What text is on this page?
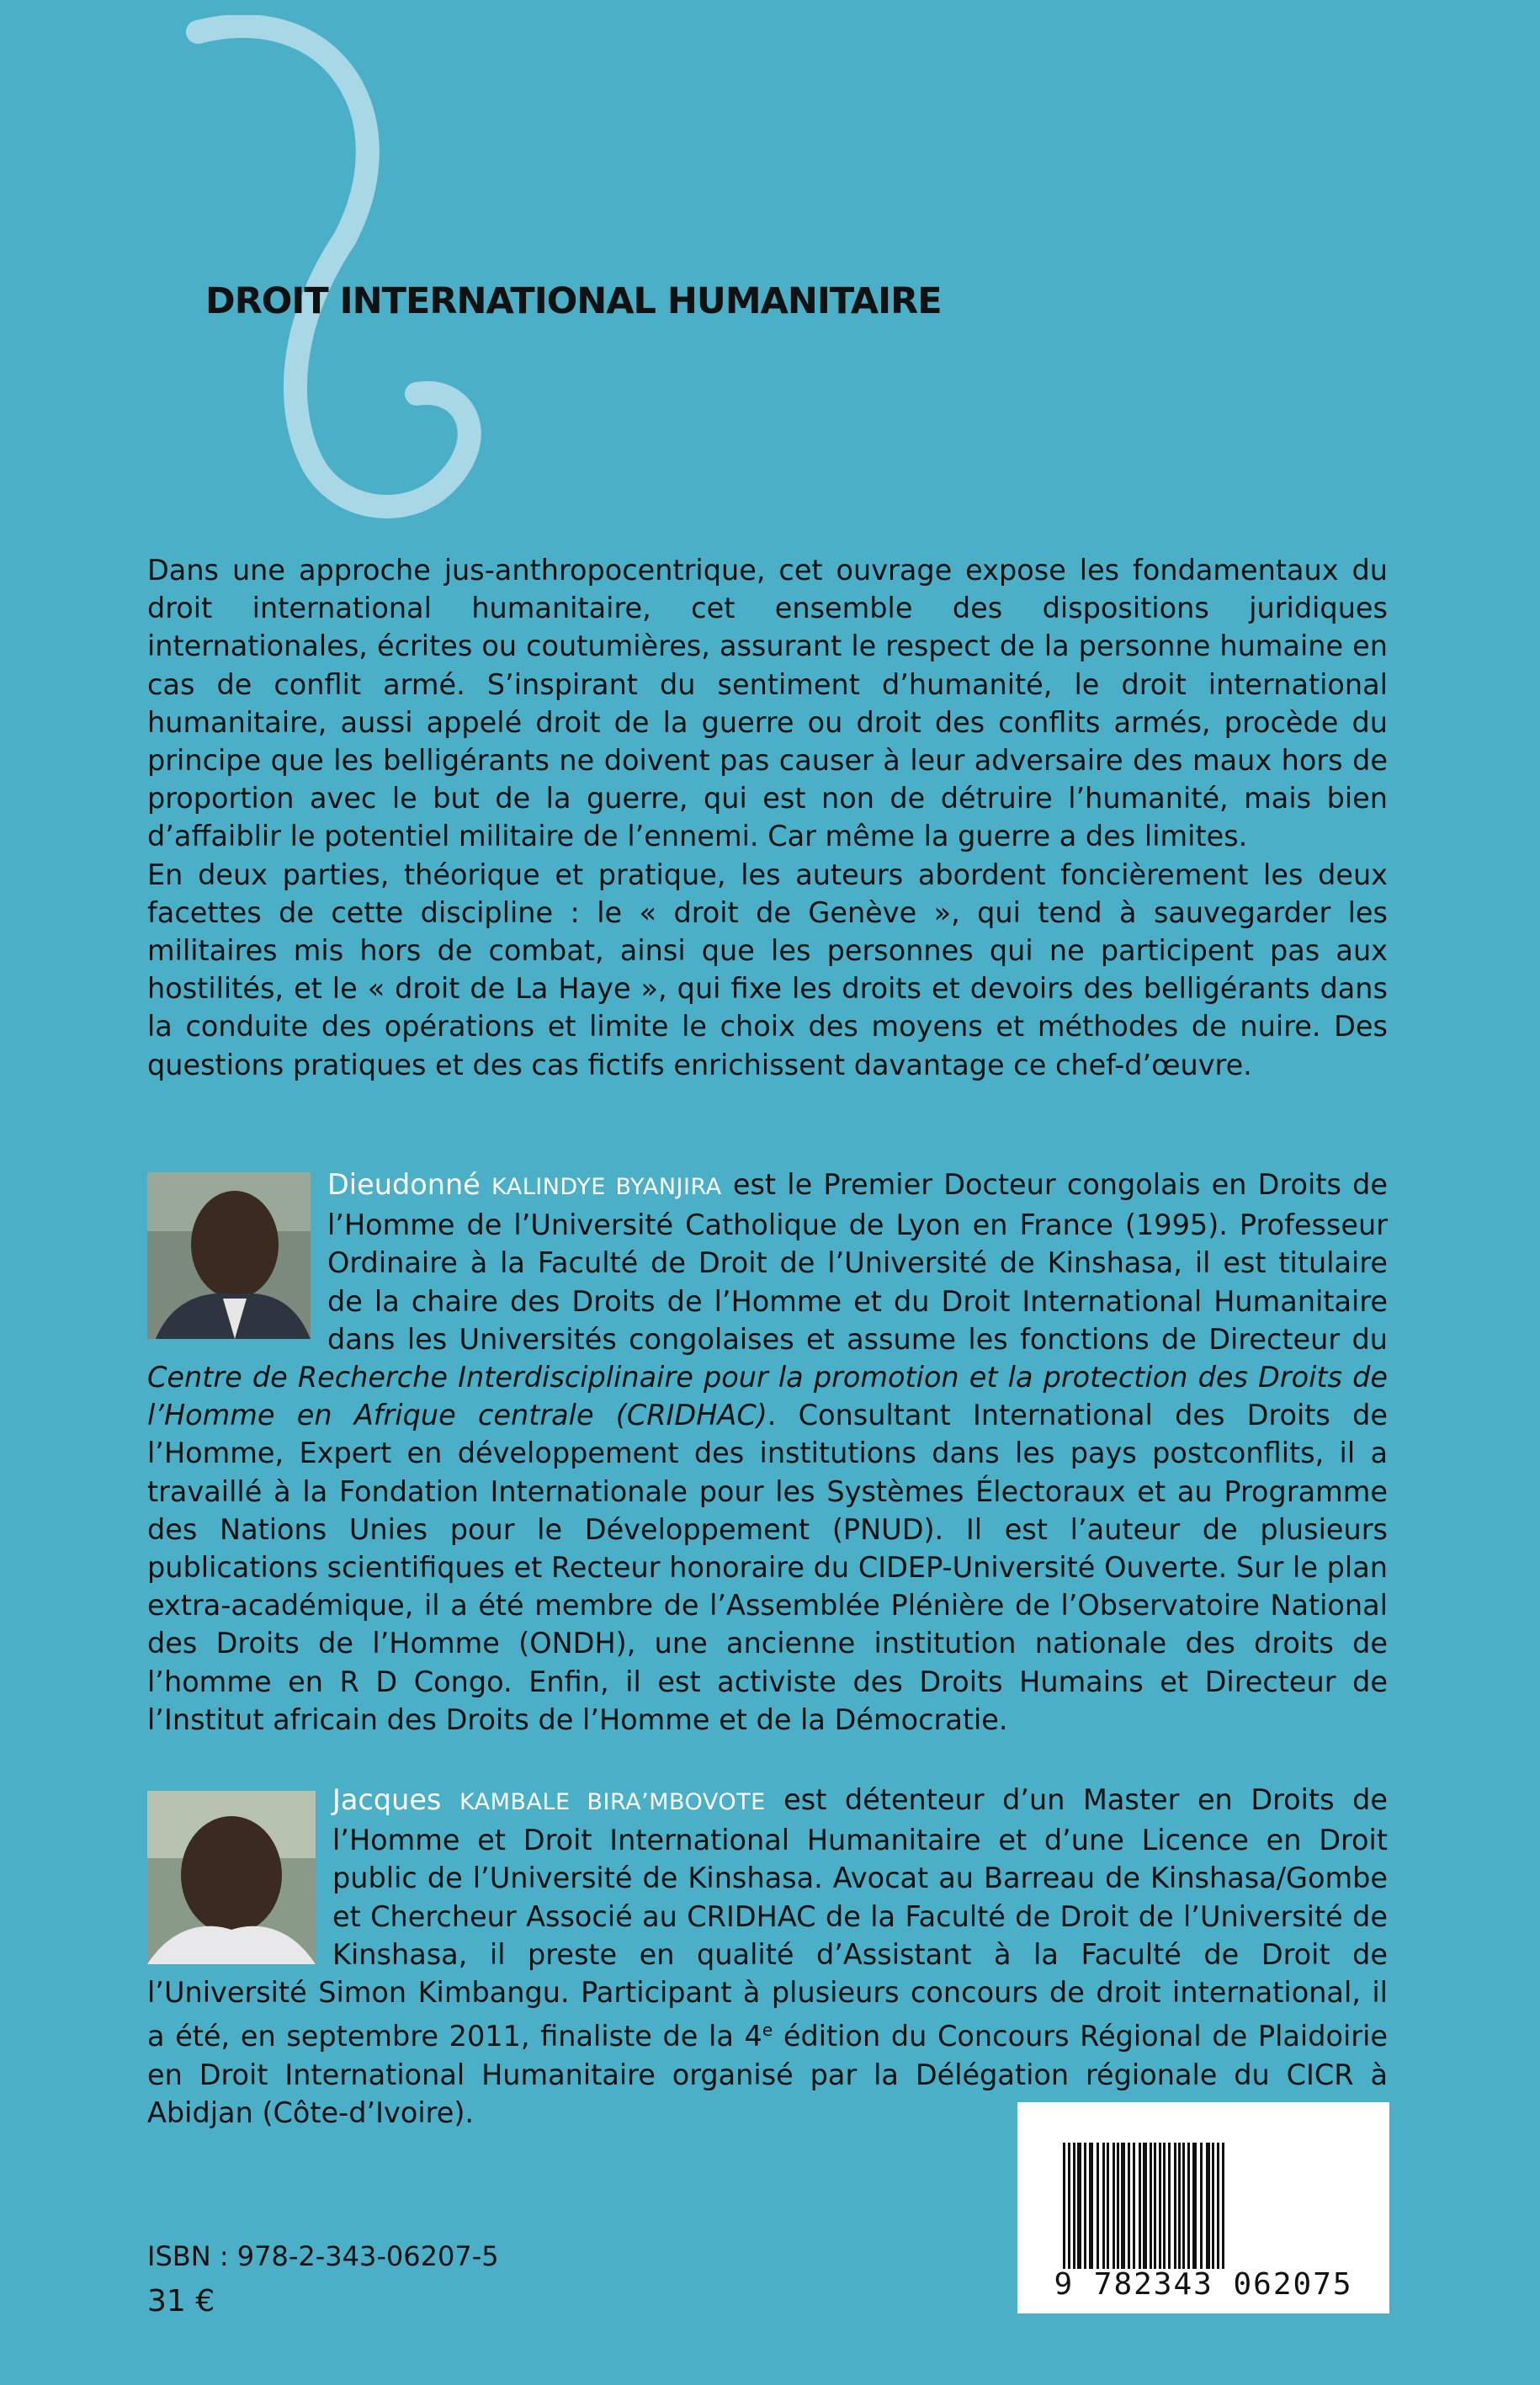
DROIT INTERNATIONAL HUMANITAIRE

Dans une approche jus-anthropocentrique, cet ouvrage expose les fondamentaux du droit international humanitaire, cet ensemble des dispositions juridiques internationales, écrites ou coutumières, assurant le respect de la personne humaine en cas de conflit armé. S’inspirant du sentiment d’humanité, le droit international humanitaire, aussi appelé droit de la guerre ou droit des conflits armés, procède du principe que les belligérants ne doivent pas causer à leur adversaire des maux hors de proportion avec le but de la guerre, qui est non de détruire l’humanité, mais bien d’affaiblir le potentiel militaire de l’ennemi. Car même la guerre a des limites.

En deux parties, théorique et pratique, les auteurs abordent foncièrement les deux facettes de cette discipline : le « droit de Genève », qui tend à sauvegarder les militaires mis hors de combat, ainsi que les personnes qui ne participent pas aux hostilités, et le « droit de La Haye », qui fixe les droits et devoirs des belligérants dans la conduite des opérations et limite le choix des moyens et méthodes de nuire. Des questions pratiques et des cas fictifs enrichissent davantage ce chef-d’œuvre.

Dieudonné KALINDYE BYANJIRA est le Premier Docteur congolais en Droits de l’Homme de l’Université Catholique de Lyon en France (1995). Professeur Ordinaire à la Faculté de Droit de l’Université de Kinshasa, il est titulaire de la chaire des Droits de l’Homme et du Droit International Humanitaire dans les Universités congolaises et assume les fonctions de Directeur du Centre de Recherche Interdisciplinaire pour la promotion et la protection des Droits de l’Homme en Afrique centrale (CRIDHAC). Consultant International des Droits de l’Homme, Expert en développement des institutions dans les pays postconflits, il a travaillé à la Fondation Internationale pour les Systèmes Électoraux et au Programme des Nations Unies pour le Développement (PNUD). Il est l’auteur de plusieurs publications scientifiques et Recteur honoraire du CIDEP-Université Ouverte. Sur le plan extra-académique, il a été membre de l’Assemblée Plénière de l’Observatoire National des Droits de l’Homme (ONDH), une ancienne institution nationale des droits de l’homme en R D Congo. Enfin, il est activiste des Droits Humains et Directeur de l’Institut africain des Droits de l’Homme et de la Démocratie.

Jacques KAMBALE BIRA’MBOVOTE est détenteur d’un Master en Droits de l’Homme et Droit International Humanitaire et d’une Licence en Droit public de l’Université de Kinshasa. Avocat au Barreau de Kinshasa/Gombe et Chercheur Associé au CRIDHAC de la Faculté de Droit de l’Université de Kinshasa, il preste en qualité d’Assistant à la Faculté de Droit de l’Université Simon Kimbangu. Participant à plusieurs concours de droit international, il a été, en septembre 2011, finaliste de la 4e édition du Concours Régional de Plaidoirie en Droit International Humanitaire organisé par la Délégation régionale du CICR à Abidjan (Côte-d’Ivoire).

9 782343 062075
ISBN : 978-2-343-06207-5
31 €
